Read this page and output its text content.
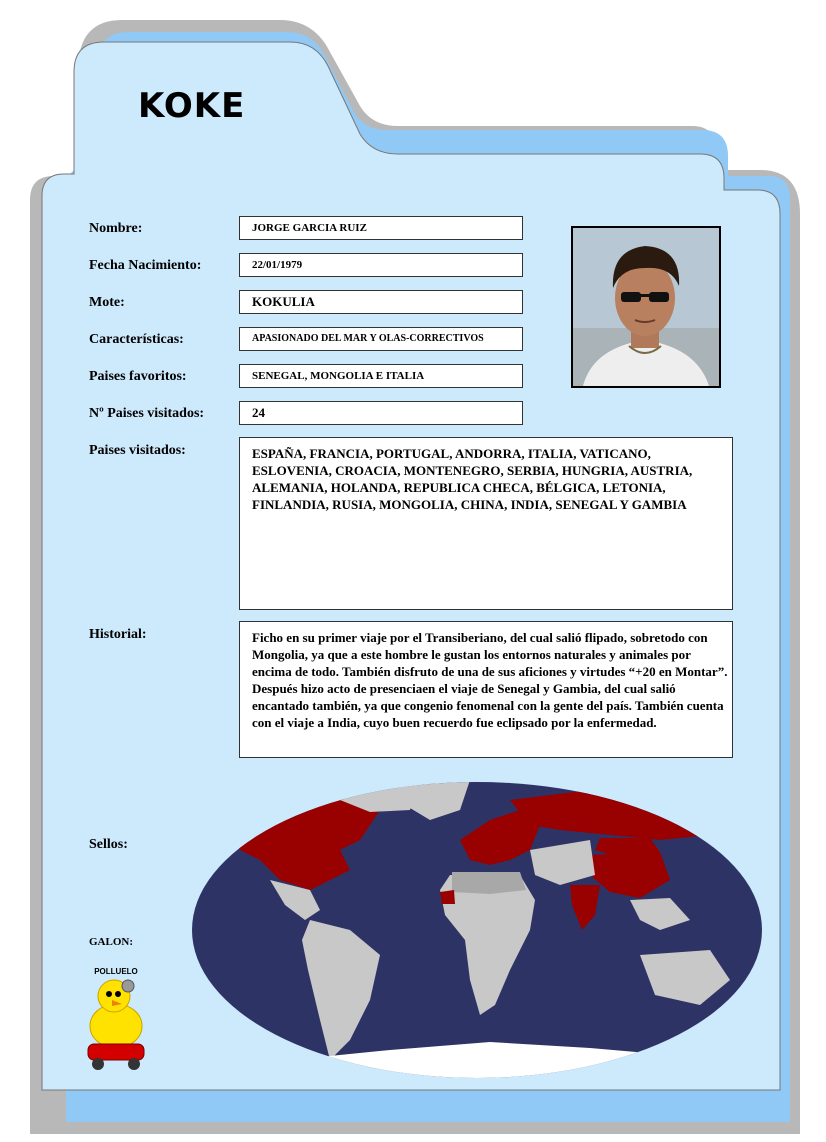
KOKE
Nombre:	JORGE GARCIA RUIZ
Fecha Nacimiento:	22/01/1979
Mote:	KOKULIA
Características:	APASIONADO DEL MAR Y OLAS-CORRECTIVOS
Paises favoritos:	SENEGAL, MONGOLIA E ITALIA
Nº Paises visitados:	24
Paises visitados:	ESPAÑA, FRANCIA, PORTUGAL, ANDORRA, ITALIA, VATICANO, ESLOVENIA, CROACIA, MONTENEGRO, SERBIA, HUNGRIA, AUSTRIA, ALEMANIA, HOLANDA, REPUBLICA CHECA, BÉLGICA, LETONIA, FINLANDIA, RUSIA, MONGOLIA, CHINA, INDIA, SENEGAL Y GAMBIA
Historial:	Ficho en su primer viaje por el Transiberiano, del cual salió flipado, sobretodo con Mongolia, ya que a este hombre le gustan los entornos naturales y animales por encima de todo. También disfruto de una de sus aficiones y virtudes “+20 en Montar”. Después hizo acto de presenciaen el viaje de Senegal y Gambia, del cual salió encantado también, ya que congenio fenomenal con la gente del país. También cuenta con el viaje a India, cuyo buen recuerdo fue eclipsado por la enfermedad.
Sellos:
GALON:
POLLUELO
